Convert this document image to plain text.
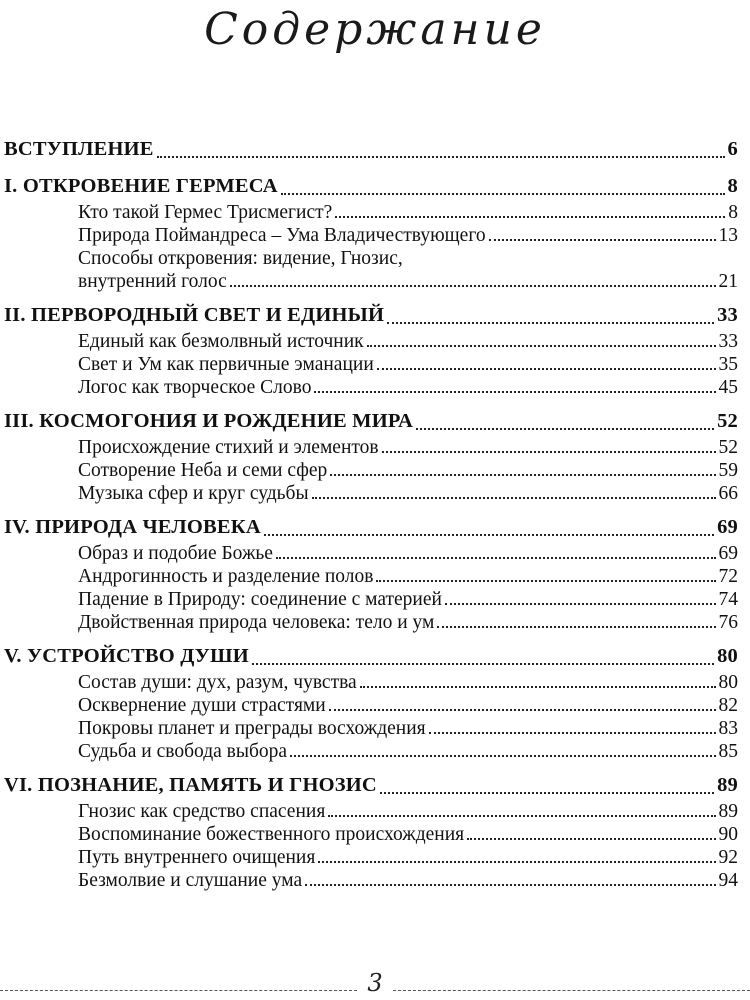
Содержание
ВСТУПЛЕНИЕ	6
I. ОТКРОВЕНИЕ ГЕРМЕСА	8
Кто такой Гермес Трисмегист?	8
Природа Поймандреса – Ума Владичествующего	13
Способы откровения: видение, Гнозис,
внутренний голос	21
II. ПЕРВОРОДНЫЙ СВЕТ И ЕДИНЫЙ	33
Единый как безмолвный источник	33
Свет и Ум как первичные эманации	35
Логос как творческое Слово	45
III. КОСМОГОНИЯ И РОЖДЕНИЕ МИРА	52
Происхождение стихий и элементов	52
Сотворение Неба и семи сфер	59
Музыка сфер и круг судьбы	66
IV. ПРИРОДА ЧЕЛОВЕКА	69
Образ и подобие Божье	69
Андрогинность и разделение полов	72
Падение в Природу: соединение с материей	74
Двойственная природа человека: тело и ум	76
V. УСТРОЙСТВО ДУШИ	80
Состав души: дух, разум, чувства	80
Осквернение души страстями	82
Покровы планет и преграды восхождения	83
Судьба и свобода выбора	85
VI. ПОЗНАНИЕ, ПАМЯТЬ И ГНОЗИС	89
Гнозис как средство спасения	89
Воспоминание божественного происхождения	90
Путь внутреннего очищения	92
Безмолвие и слушание ума	94
3
